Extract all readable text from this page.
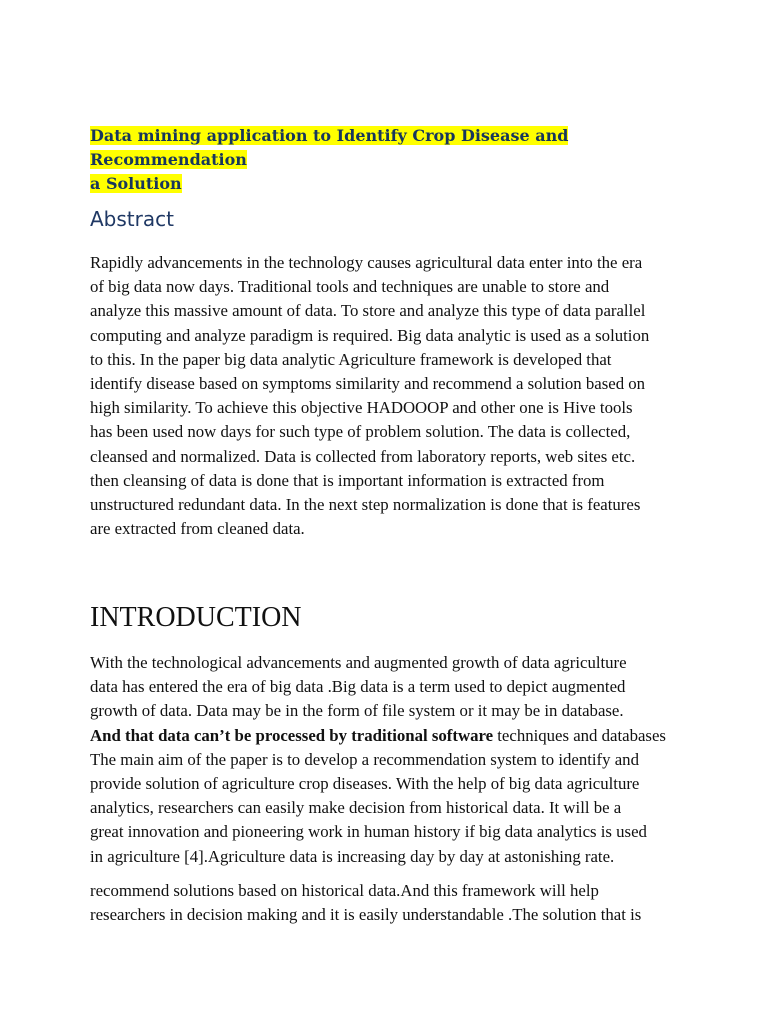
Data mining application to Identify Crop Disease and Recommendation
a Solution
Abstract
Rapidly advancements in the technology causes agricultural data enter into the era
of big data now days. Traditional tools and techniques are unable to store and
analyze this massive amount of data. To store and analyze this type of data parallel
computing and analyze paradigm is required. Big data analytic is used as a solution
to this. In the paper big data analytic Agriculture framework is developed that
identify disease based on symptoms similarity and recommend a solution based on
high similarity. To achieve this objective HADOOOP and other one is Hive tools
has been used now days for such type of problem solution. The data is collected,
cleansed and normalized. Data is collected from laboratory reports, web sites etc.
then cleansing of data is done that is important information is extracted from
unstructured redundant data. In the next step normalization is done that is features
are extracted from cleaned data.
INTRODUCTION
With the technological advancements and augmented growth of data agriculture
data has entered the era of big data .Big data is a term used to depict augmented
growth of data. Data may be in the form of file system or it may be in database.
And that data can’t be processed by traditional software techniques and databases
The main aim of the paper is to develop a recommendation system to identify and
provide solution of agriculture crop diseases. With the help of big data agriculture
analytics, researchers can easily make decision from historical data. It will be a
great innovation and pioneering work in human history if big data analytics is used
in agriculture [4].Agriculture data is increasing day by day at astonishing rate.
recommend solutions based on historical data.And this framework will help
researchers in decision making and it is easily understandable .The solution that is
